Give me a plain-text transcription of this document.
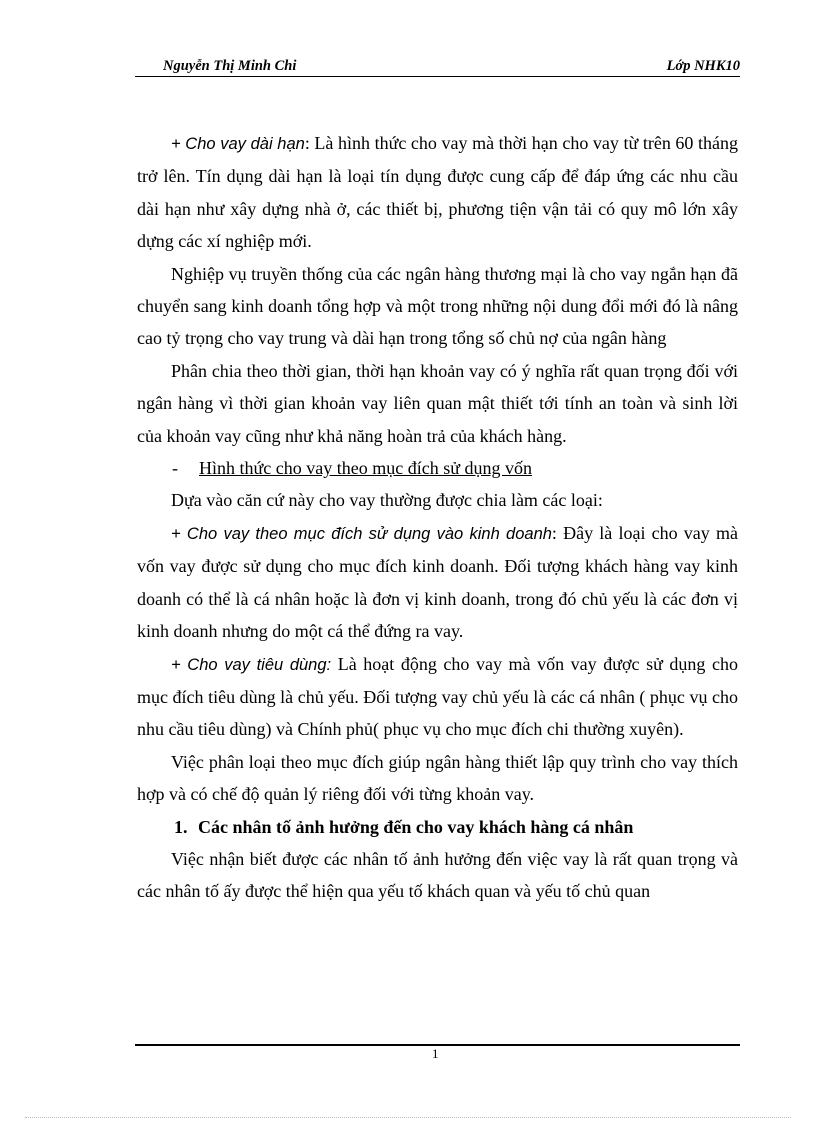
Nguyễn Thị Minh Chi	Lớp NHK10

+ Cho vay dài hạn: Là hình thức cho vay mà thời hạn cho vay từ trên 60 tháng trở lên. Tín dụng dài hạn là loại tín dụng được cung cấp để đáp ứng các nhu cầu dài hạn như xây dựng nhà ở, các thiết bị, phương tiện vận tải có quy mô lớn xây dựng các xí nghiệp mới.

Nghiệp vụ truyền thống của các ngân hàng thương mại là cho vay ngắn hạn đã chuyển sang kinh doanh tổng hợp và một trong những nội dung đổi mới đó là nâng cao tỷ trọng cho vay trung và dài hạn trong tổng số chủ nợ của ngân hàng

Phân chia theo thời gian, thời hạn khoản vay có ý nghĩa rất quan trọng đối với ngân hàng vì thời gian khoản vay liên quan mật thiết tới tính an toàn và sinh lời của khoản vay cũng như khả năng hoàn trả của khách hàng.

- Hình thức cho vay theo mục đích sử dụng vốn

Dựa vào căn cứ này cho vay thường được chia làm các loại:

+ Cho vay theo mục đích sử dụng vào kinh doanh: Đây là loại cho vay mà vốn vay được sử dụng cho mục đích kinh doanh. Đối tượng khách hàng vay kinh doanh có thể là cá nhân hoặc là đơn vị kinh doanh, trong đó chủ yếu là các đơn vị kinh doanh nhưng do một cá thể đứng ra vay.

+ Cho vay tiêu dùng: Là hoạt động cho vay mà vốn vay được sử dụng cho mục đích tiêu dùng là chủ yếu. Đối tượng vay chủ yếu là các cá nhân ( phục vụ cho nhu cầu tiêu dùng) và Chính phủ( phục vụ cho mục đích chi thường xuyên).

Việc phân loại theo mục đích giúp ngân hàng thiết lập quy trình cho vay thích hợp và có chế độ quản lý riêng đối với từng khoản vay.

1. Các nhân tố ảnh hưởng đến cho vay khách hàng cá nhân

Việc nhận biết được các nhân tố ảnh hưởng đến việc vay là rất quan trọng và các nhân tố ấy được thể hiện qua yếu tố khách quan và yếu tố chủ quan

1
